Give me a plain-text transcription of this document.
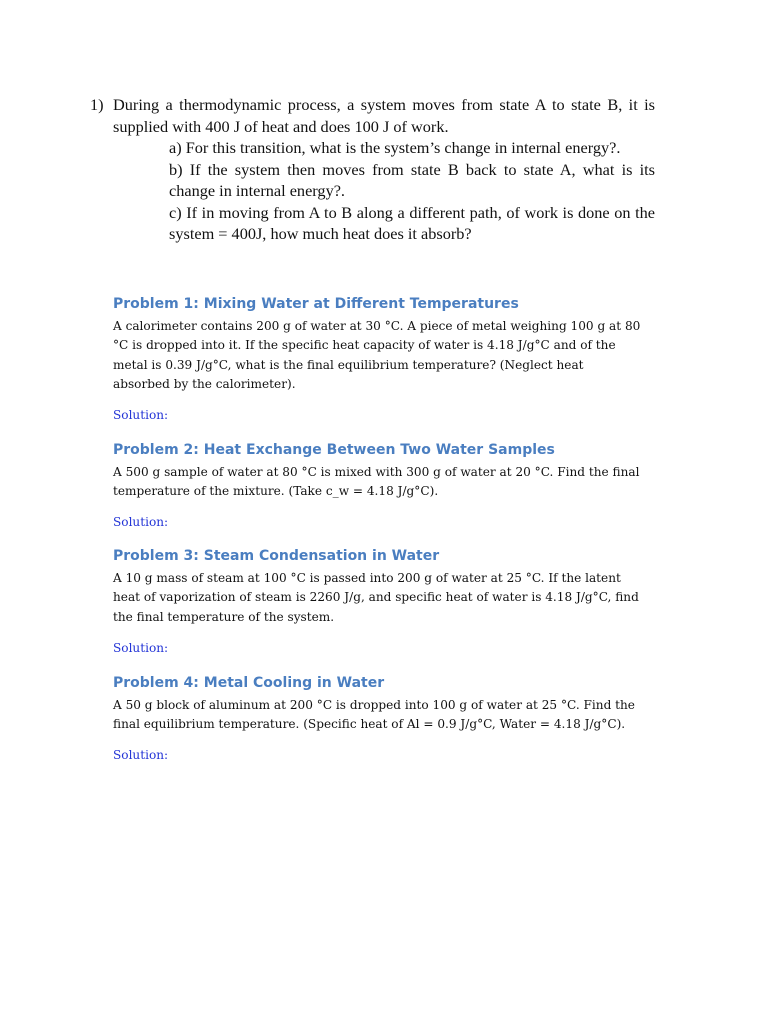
1) During a thermodynamic process, a system moves from state A to state B, it is supplied with 400 J of heat and does 100 J of work.

a) For this transition, what is the system’s change in internal energy?.

b) If the system then moves from state B back to state A, what is its change in internal energy?.

c) If in moving from A to B along a different path, of work is done on the system = 400J, how much heat does it absorb?

Problem 1: Mixing Water at Different Temperatures

A calorimeter contains 200 g of water at 30 °C. A piece of metal weighing 100 g at 80 °C is dropped into it. If the specific heat capacity of water is 4.18 J/g°C and of the metal is 0.39 J/g°C, what is the final equilibrium temperature? (Neglect heat absorbed by the calorimeter).

Solution:

Problem 2: Heat Exchange Between Two Water Samples

A 500 g sample of water at 80 °C is mixed with 300 g of water at 20 °C. Find the final temperature of the mixture. (Take c_w = 4.18 J/g°C).

Solution:

Problem 3: Steam Condensation in Water

A 10 g mass of steam at 100 °C is passed into 200 g of water at 25 °C. If the latent heat of vaporization of steam is 2260 J/g, and specific heat of water is 4.18 J/g°C, find the final temperature of the system.

Solution:

Problem 4: Metal Cooling in Water

A 50 g block of aluminum at 200 °C is dropped into 100 g of water at 25 °C. Find the final equilibrium temperature. (Specific heat of Al = 0.9 J/g°C, Water = 4.18 J/g°C).

Solution:
